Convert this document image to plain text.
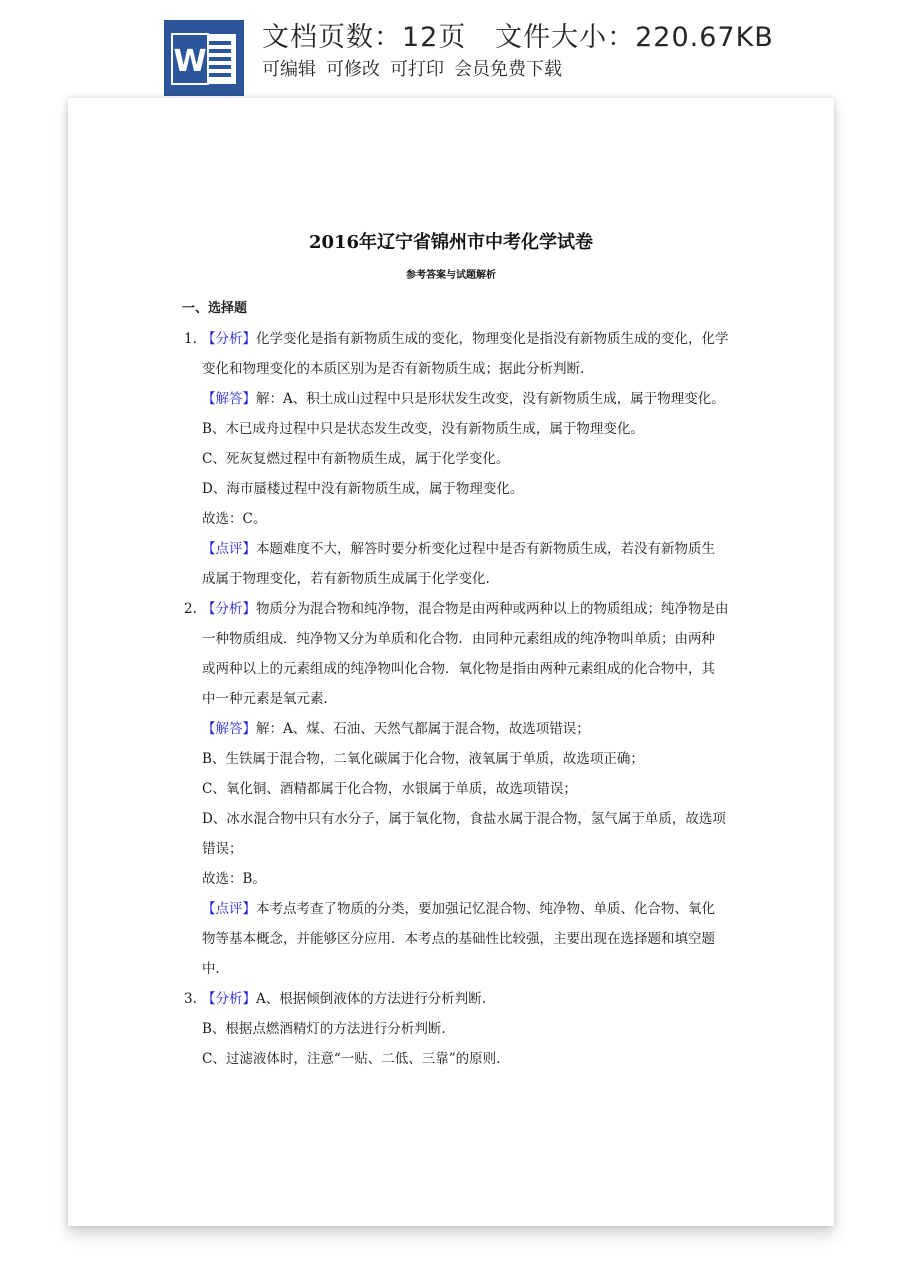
W
文档页数：12页 文件大小：220.67KB
可编辑 可修改 可打印 会员免费下载
2016年辽宁省锦州市中考化学试卷
参考答案与试题解析
一、选择题
1. 【分析】化学变化是指有新物质生成的变化，物理变化是指没有新物质生成的变化，化学
变化和物理变化的本质区别为是否有新物质生成；据此分析判断.
【解答】解：A、积土成山过程中只是形状发生改变，没有新物质生成，属于物理变化。
B、木已成舟过程中只是状态发生改变，没有新物质生成，属于物理变化。
C、死灰复燃过程中有新物质生成，属于化学变化。
D、海市蜃楼过程中没有新物质生成，属于物理变化。
故选：C。
【点评】本题难度不大，解答时要分析变化过程中是否有新物质生成，若没有新物质生
成属于物理变化，若有新物质生成属于化学变化.
2. 【分析】物质分为混合物和纯净物，混合物是由两种或两种以上的物质组成；纯净物是由
一种物质组成．纯净物又分为单质和化合物．由同种元素组成的纯净物叫单质；由两种
或两种以上的元素组成的纯净物叫化合物．氧化物是指由两种元素组成的化合物中，其
中一种元素是氧元素.
【解答】解：A、煤、石油、天然气都属于混合物，故选项错误；
B、生铁属于混合物，二氧化碳属于化合物，液氧属于单质，故选项正确；
C、氧化铜、酒精都属于化合物，水银属于单质，故选项错误；
D、冰水混合物中只有水分子，属于氧化物，食盐水属于混合物，氢气属于单质，故选项
错误；
故选：B。
【点评】本考点考查了物质的分类，要加强记忆混合物、纯净物、单质、化合物、氧化
物等基本概念，并能够区分应用．本考点的基础性比较强，主要出现在选择题和填空题
中.
3. 【分析】A、根据倾倒液体的方法进行分析判断.
B、根据点燃酒精灯的方法进行分析判断.
C、过滤液体时，注意“一贴、二低、三靠”的原则.
